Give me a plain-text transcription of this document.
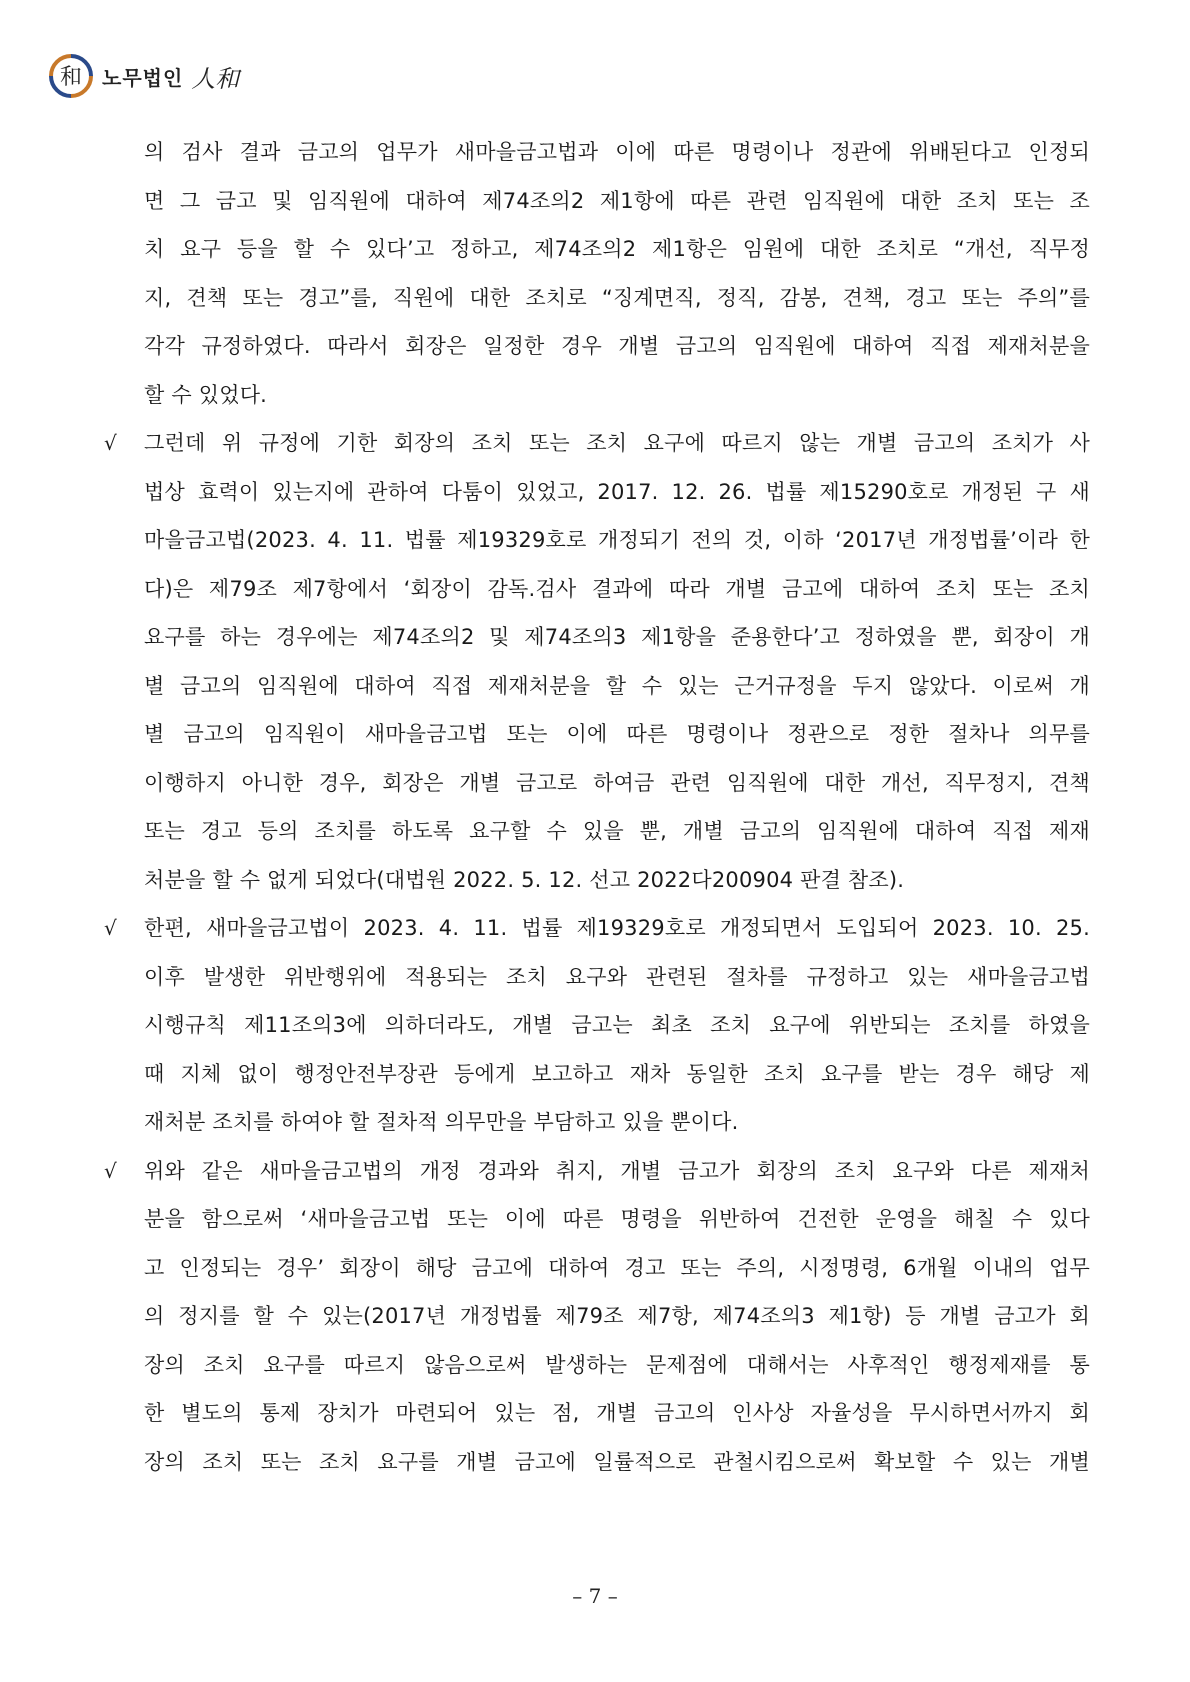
和 노무법인 人和
의 검사 결과 금고의 업무가 새마을금고법과 이에 따른 명령이나 정관에 위배된다고 인정되
면 그 금고 및 임직원에 대하여 제74조의2 제1항에 따른 관련 임직원에 대한 조치 또는 조
치 요구 등을 할 수 있다’고 정하고, 제74조의2 제1항은 임원에 대한 조치로 “개선, 직무정
지, 견책 또는 경고”를, 직원에 대한 조치로 “징계면직, 정직, 감봉, 견책, 경고 또는 주의”를
각각 규정하였다. 따라서 회장은 일정한 경우 개별 금고의 임직원에 대하여 직접 제재처분을
할 수 있었다.
√ 그런데 위 규정에 기한 회장의 조치 또는 조치 요구에 따르지 않는 개별 금고의 조치가 사
법상 효력이 있는지에 관하여 다툼이 있었고, 2017. 12. 26. 법률 제15290호로 개정된 구 새
마을금고법(2023. 4. 11. 법률 제19329호로 개정되기 전의 것, 이하 ‘2017년 개정법률’이라 한
다)은 제79조 제7항에서 ‘회장이 감독.검사 결과에 따라 개별 금고에 대하여 조치 또는 조치
요구를 하는 경우에는 제74조의2 및 제74조의3 제1항을 준용한다’고 정하였을 뿐, 회장이 개
별 금고의 임직원에 대하여 직접 제재처분을 할 수 있는 근거규정을 두지 않았다. 이로써 개
별 금고의 임직원이 새마을금고법 또는 이에 따른 명령이나 정관으로 정한 절차나 의무를
이행하지 아니한 경우, 회장은 개별 금고로 하여금 관련 임직원에 대한 개선, 직무정지, 견책
또는 경고 등의 조치를 하도록 요구할 수 있을 뿐, 개별 금고의 임직원에 대하여 직접 제재
처분을 할 수 없게 되었다(대법원 2022. 5. 12. 선고 2022다200904 판결 참조).
√ 한편, 새마을금고법이 2023. 4. 11. 법률 제19329호로 개정되면서 도입되어 2023. 10. 25.
이후 발생한 위반행위에 적용되는 조치 요구와 관련된 절차를 규정하고 있는 새마을금고법
시행규칙 제11조의3에 의하더라도, 개별 금고는 최초 조치 요구에 위반되는 조치를 하였을
때 지체 없이 행정안전부장관 등에게 보고하고 재차 동일한 조치 요구를 받는 경우 해당 제
재처분 조치를 하여야 할 절차적 의무만을 부담하고 있을 뿐이다.
√ 위와 같은 새마을금고법의 개정 경과와 취지, 개별 금고가 회장의 조치 요구와 다른 제재처
분을 함으로써 ‘새마을금고법 또는 이에 따른 명령을 위반하여 건전한 운영을 해칠 수 있다
고 인정되는 경우’ 회장이 해당 금고에 대하여 경고 또는 주의, 시정명령, 6개월 이내의 업무
의 정지를 할 수 있는(2017년 개정법률 제79조 제7항, 제74조의3 제1항) 등 개별 금고가 회
장의 조치 요구를 따르지 않음으로써 발생하는 문제점에 대해서는 사후적인 행정제재를 통
한 별도의 통제 장치가 마련되어 있는 점, 개별 금고의 인사상 자율성을 무시하면서까지 회
장의 조치 또는 조치 요구를 개별 금고에 일률적으로 관철시킴으로써 확보할 수 있는 개별
– 7 –
